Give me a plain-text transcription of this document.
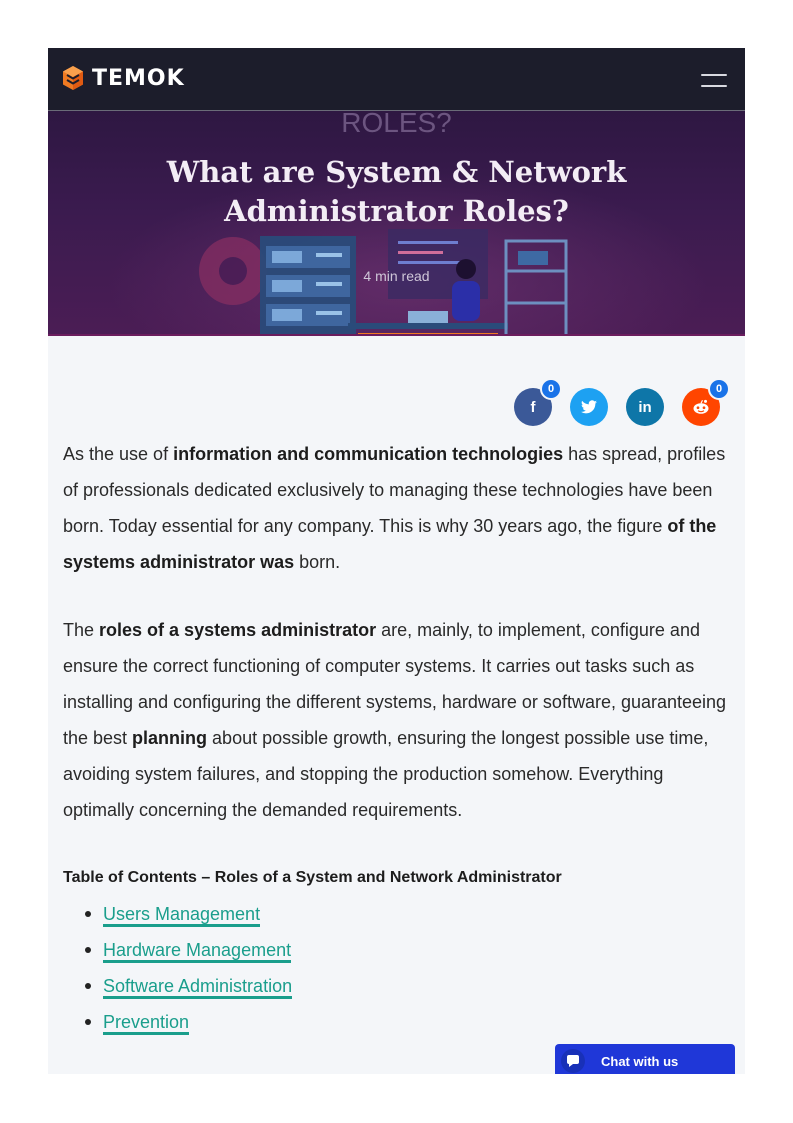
TEMOK
ROLES?
What are System & Network Administrator Roles?
4 min read
f
0
in
0

As the use of information and communication technologies has spread, profiles of professionals dedicated exclusively to managing these technologies have been born. Today essential for any company. This is why 30 years ago, the figure of the systems administrator was born.

The roles of a systems administrator are, mainly, to implement, configure and ensure the correct functioning of computer systems. It carries out tasks such as installing and configuring the different systems, hardware or software, guaranteeing the best planning about possible growth, ensuring the longest possible use time, avoiding system failures, and stopping the production somehow. Everything optimally concerning the demanded requirements.

Table of Contents – Roles of a System and Network Administrator
Users Management
Hardware Management
Software Administration
Prevention
Chat with us
